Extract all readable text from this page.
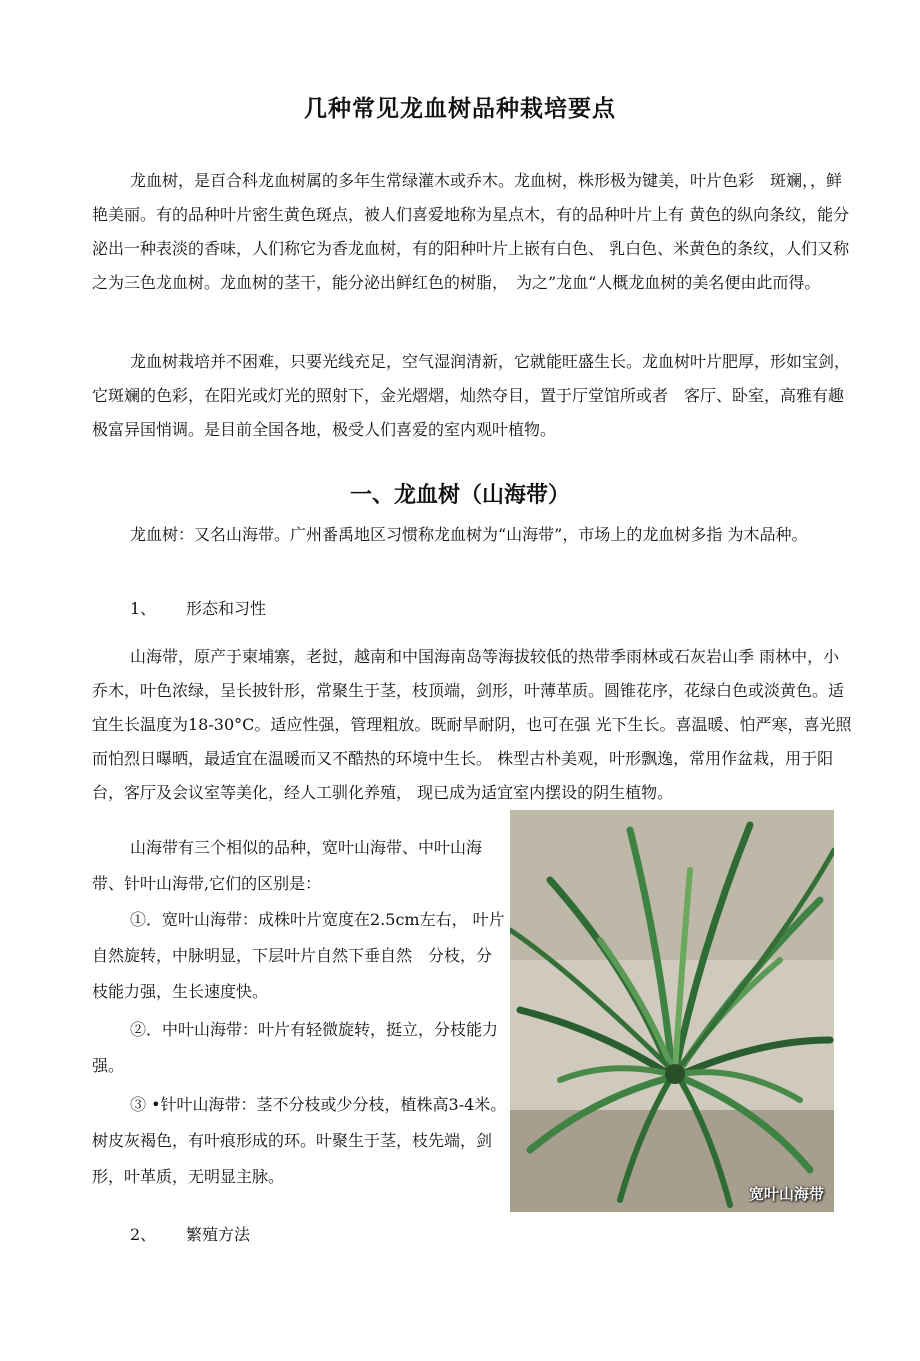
几种常见龙血树品种栽培要点

龙血树，是百合科龙血树属的多年生常绿灌木或乔木。龙血树，株形极为键美，叶片色彩　斑斓，，鲜艳美丽。有的品种叶片密生黄色斑点，被人们喜爱地称为星点木，有的品种叶片上有 黄色的纵向条纹，能分泌出一种表淡的香味，人们称它为香龙血树，有的阳种叶片上嵌有白色、 乳白色、米黄色的条纹，人们又称之为三色龙血树。龙血树的茎干，能分泌出鲜红色的树脂，　为之”龙血“人概龙血树的美名便由此而得。

龙血树栽培并不困难，只要光线充足，空气湿润清新，它就能旺盛生长。龙血树叶片肥厚，形如宝剑，它斑斓的色彩，在阳光或灯光的照射下，金光熠熠，灿然夺目，置于厅堂馆所或者　客厅、卧室，高雅有趣极富异国悄调。是目前全国各地，极受人们喜爱的室内观叶植物。

一、龙血树（山海带）

龙血树：又名山海带。广州番禹地区习惯称龙血树为“山海带”，市场上的龙血树多指 为木品种。

1、 形态和习性

山海带，原产于柬埔寨，老挝，越南和中国海南岛等海拔较低的热带季雨林或石灰岩山季 雨林中，小乔木，叶色浓绿，呈长披针形，常聚生于茎，枝顶端，剑形，叶薄革质。圆锥花序，花绿白色或淡黄色。适宜生长温度为18-30°C。适应性强，管理粗放。既耐旱耐阴，也可在强 光下生长。喜温暖、怕严寒，喜光照而怕烈日曝晒，最适宜在温暖而又不酷热的环境中生长。 株型古朴美观，叶形飘逸，常用作盆栽，用于阳台，客厅及会议室等美化，经人工驯化养殖， 现已成为适宜室内摆设的阴生植物。

山海带有三个相似的品种，宽叶山海带、中叶山海带、针叶山海带,它们的区别是：

①．宽叶山海带：成株叶片宽度在2.5cm左右， 叶片自然旋转，中脉明显，下层叶片自然下垂自然　分枝，分枝能力强，生长速度快。

②．中叶山海带：叶片有轻微旋转，挺立，分枝能力强。

③ •针叶山海带：茎不分枝或少分枝，植株高3-4米。树皮灰褐色，有叶痕形成的环。叶聚生于茎，枝先端，剑形，叶革质，无明显主脉。

2、 繁殖方法
宽叶山海带
